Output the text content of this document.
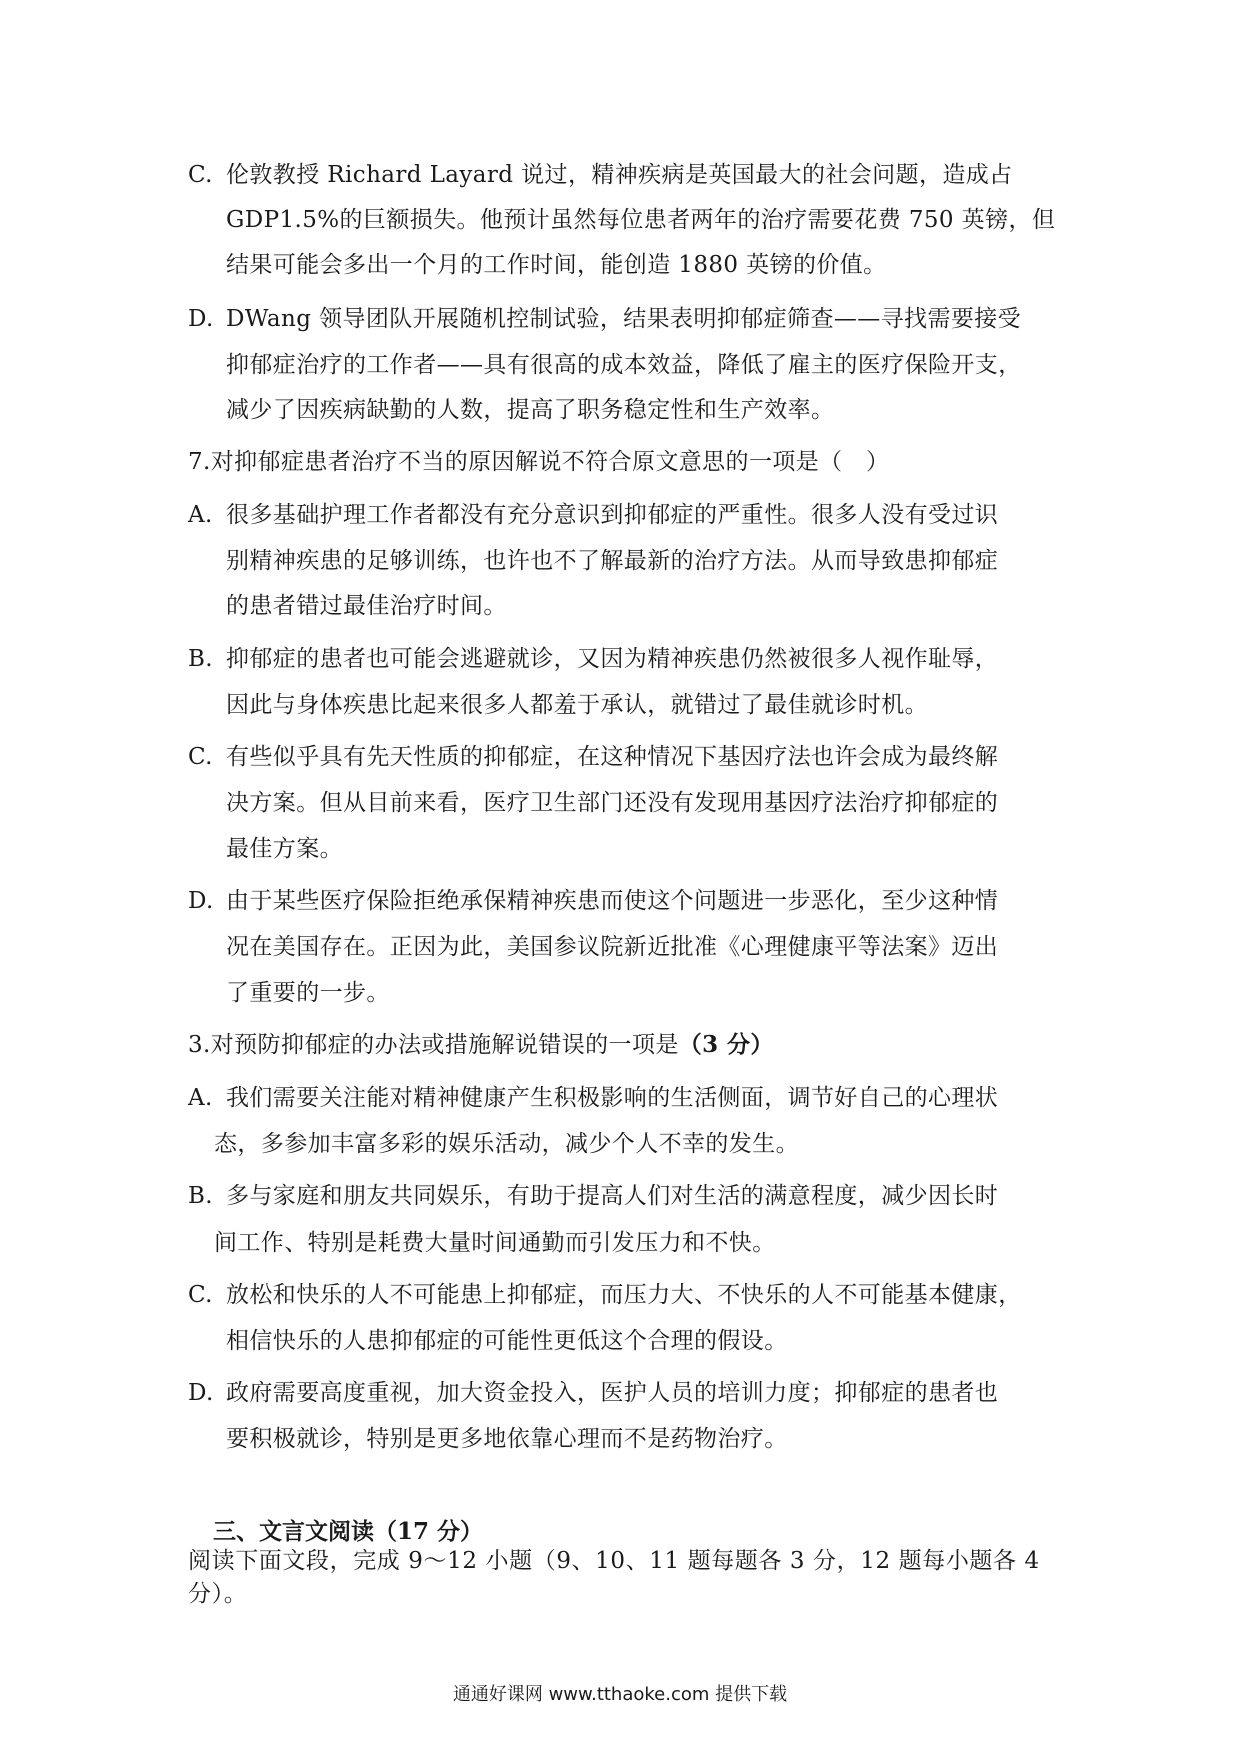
C. 伦敦教授 Richard Layard 说过，精神疾病是英国最大的社会问题，造成占
GDP1.5%的巨额损失。他预计虽然每位患者两年的治疗需要花费 750 英镑，但
结果可能会多出一个月的工作时间，能创造 1880 英镑的价值。
D. DWang 领导团队开展随机控制试验，结果表明抑郁症筛查——寻找需要接受
抑郁症治疗的工作者——具有很高的成本效益，降低了雇主的医疗保险开支，
减少了因疾病缺勤的人数，提高了职务稳定性和生产效率。
7.对抑郁症患者治疗不当的原因解说不符合原文意思的一项是（　）
A. 很多基础护理工作者都没有充分意识到抑郁症的严重性。很多人没有受过识
别精神疾患的足够训练，也许也不了解最新的治疗方法。从而导致患抑郁症
的患者错过最佳治疗时间。
B. 抑郁症的患者也可能会逃避就诊，又因为精神疾患仍然被很多人视作耻辱，
因此与身体疾患比起来很多人都羞于承认，就错过了最佳就诊时机。
C. 有些似乎具有先天性质的抑郁症，在这种情况下基因疗法也许会成为最终解
决方案。但从目前来看，医疗卫生部门还没有发现用基因疗法治疗抑郁症的
最佳方案。
D. 由于某些医疗保险拒绝承保精神疾患而使这个问题进一步恶化，至少这种情
况在美国存在。正因为此，美国参议院新近批准《心理健康平等法案》迈出
了重要的一步。
3.对预防抑郁症的办法或措施解说错误的一项是（3 分）
A. 我们需要关注能对精神健康产生积极影响的生活侧面，调节好自己的心理状
态，多参加丰富多彩的娱乐活动，减少个人不幸的发生。
B. 多与家庭和朋友共同娱乐，有助于提高人们对生活的满意程度，减少因长时
间工作、特别是耗费大量时间通勤而引发压力和不快。
C. 放松和快乐的人不可能患上抑郁症，而压力大、不快乐的人不可能基本健康，
相信快乐的人患抑郁症的可能性更低这个合理的假设。
D. 政府需要高度重视，加大资金投入，医护人员的培训力度；抑郁症的患者也
要积极就诊，特别是更多地依靠心理而不是药物治疗。
三、文言文阅读（17 分）
阅读下面文段，完成 9～12 小题（9、10、11 题每题各 3 分，12 题每小题各 4 分）。
通通好课网 www.tthaoke.com 提供下载
